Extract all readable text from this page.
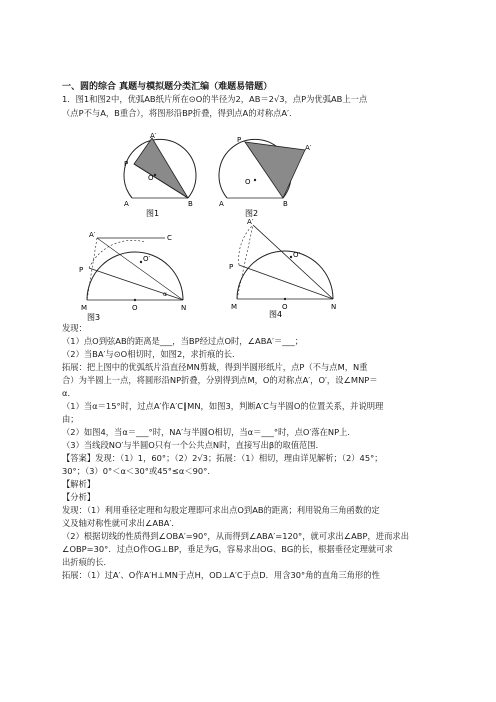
一、圆的综合 真题与模拟题分类汇编（难题易错题）
1．图1和图2中，优弧AB纸片所在⊙O的半径为2，AB＝2√3，点P为优弧AB上一点
（点P不与A，B重合），将图形沿BP折叠，得到点A的对称点A′.
A′
P
O
A	B
图1
P
A′
O
A	B
图2
A′	C
O′
P
α
M	O	N
图3
A′
O′
P
M	O	N
图4
发现：
（1）点O到弦AB的距离是___，当BP经过点O时，∠ABA′＝___；
（2）当BA′与⊙O相切时，如图2，求折痕的长．
拓展：把上图中的优弧纸片沿直径MN剪裁，得到半圆形纸片，点P（不与点M，N重
合）为半圆上一点，将圆形沿NP折叠，分别得到点M，O的对称点A′，O′，设∠MNP＝
α．
（1）当α＝15°时，过点A′作A′C∥MN，如图3，判断A′C与半圆O的位置关系，并说明理
由；
（2）如图4，当α＝___°时，NA′与半圆O相切，当α＝___°时，点O′落在NP上．
（3）当线段NO′与半圆O只有一个公共点N时，直接写出β的取值范围．
【答案】发现：（1）1，60°；（2）2√3；拓展：（1）相切，理由详见解析；（2）45°；
30°；（3）0°＜α＜30°或45°≤α＜90°．
【解析】
【分析】
发现：（1）利用垂径定理和勾股定理即可求出点O到AB的距离；利用锐角三角函数的定
义及轴对称性就可求出∠ABA′．
（2）根据切线的性质得到∠OBA′=90°，从而得到∠ABA′=120°，就可求出∠ABP，进而求出
∠OBP=30°．过点O作OG⊥BP，垂足为G，容易求出OG、BG的长，根据垂径定理就可求
出折痕的长．
拓展：（1）过A′、O作A′H⊥MN于点H，OD⊥A′C于点D．用含30°角的直角三角形的性
